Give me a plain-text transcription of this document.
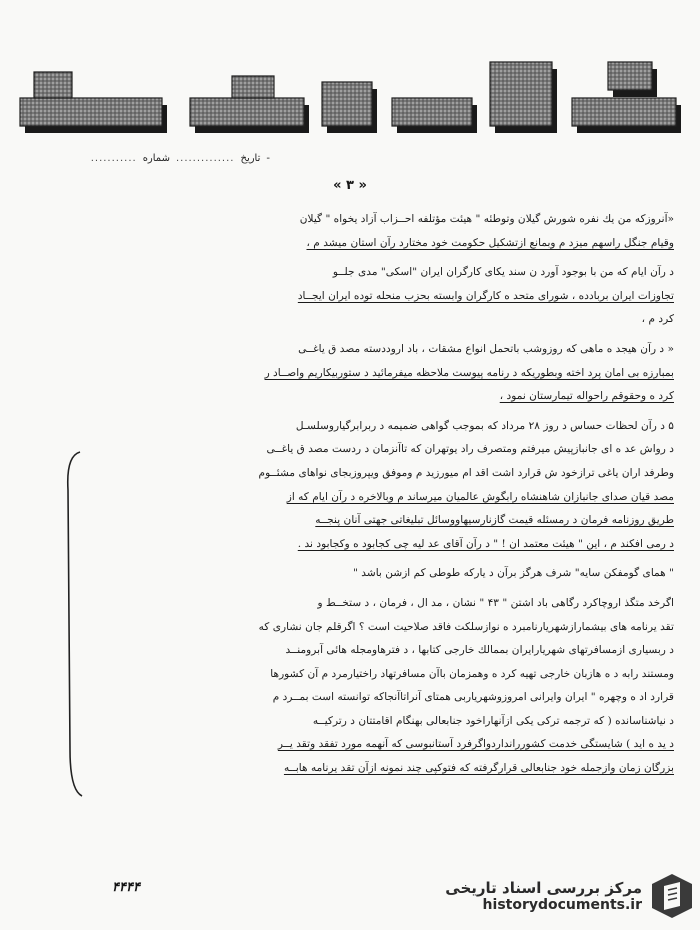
خورستان
-
تاریخ
..............
شماره
...........
« ۳ »
«آنروزکه من یك نفره شورش گیلان وتوطئه " هیئت مؤتلفه احــزاب آزاد یخواه " گیلان
وقیام جنگل راسهم میزد م وبمانع ازتشکیل حکومت خود مختارد رآن استان میشد م ،
د رآن ایام که من با بوجود آورد ن سند یکای کارگران ایران "اسکی" مدی جلــو
تجاوزات ایران بربادده ، شورای متحد ه کارگران وابسته بحزب منحله توده ایران ایجــاد
کرد م ،
« د رآن هیجد ه ماهی که روزوشب باتحمل انواع مشقات ، باد اروددسته مصد ق یاغــی
بمبارزه بی امان پرد اخته وبطوریکه د رنامه پیوست ملاحظه میفرمائید د ستوربیکاریم واصــاد ر
کرد ه وحقوقم راحواله تیمارستان نمود ،
۵ د رآن لحظات حساس د روز ۲۸ مرداد که بموجب گواهی ضمیمه د ربرابرگیاروسلسـل
د رواش عد ه ای جانبازپیش میرفتم ومتصرف راد یوتهران که تاآنزمان د ردست مصد ق یاغــی
وطرفد اران یاغی ترازخود ش قرارد اشت اقد ام میورزید م وموفق ویپروزبجای نواهای مشئــوم
مصد قیان صدای جانبازان شاهنشاه رابگوش عالمیان میرساند م وبالاخره د رآن ایام که از
طریق روزنامه فرمان د رمسئله قیمت گازنارسیهاووسائل تبلیغاتی جهتی آنان پنجــه
د رمی افکند م ، این " هیئت معتمد ان ! " د رآن آقای عد لیه چی کجابود ه وکجابود ند .
" همای گومفکن سایه" شرف هرگز برآن د یارکه طوطی کم ازشن باشد "
اگرخد متگذ اروچاکرد رگاهی باد اشتن " ۴۳ " نشان ، مد ال ، فرمان ، د ستخــط و
تقد یرنامه های بیشمارازشهریارنامبرد ه نوازسلکت فاقد صلاحیت است ؟ اگرقلم جان نشاری که
د ربسیاری ازمسافرتهای شهریارایران بممالك خارجی کتابها ، د فترهاومجله هائی آبرومنــد
ومستند رابه د ه هازبان خارجی تهیه کرد ه وهمزمان باآن مسافرتهاد راختیارمرد م آن کشورها
قرارد اد ه وچهره " ایران وایرانی امروزوشهریاربی همتای آنراتاآنجاکه توانسته است بمــرد م
د نیاشناسانده ( که ترجمه ترکی یکی ازآنهاراخود جنابعالی بهنگام اقامتتان د رترکیــه
د ید ه اید ) شایستگی خدمت کشوررانداردواگرفرد آستانبوسی که آنهمه مورد تفقد وتقد یــر
بزرگان زمان وازجمله خود جنابعالی قرارگرفته که فتوکپی چند نمونه ازآن تقد یرنامه هابــه
۴۴۴۴	مرکز بررسی اسناد تاریخی
historydocuments.ir
